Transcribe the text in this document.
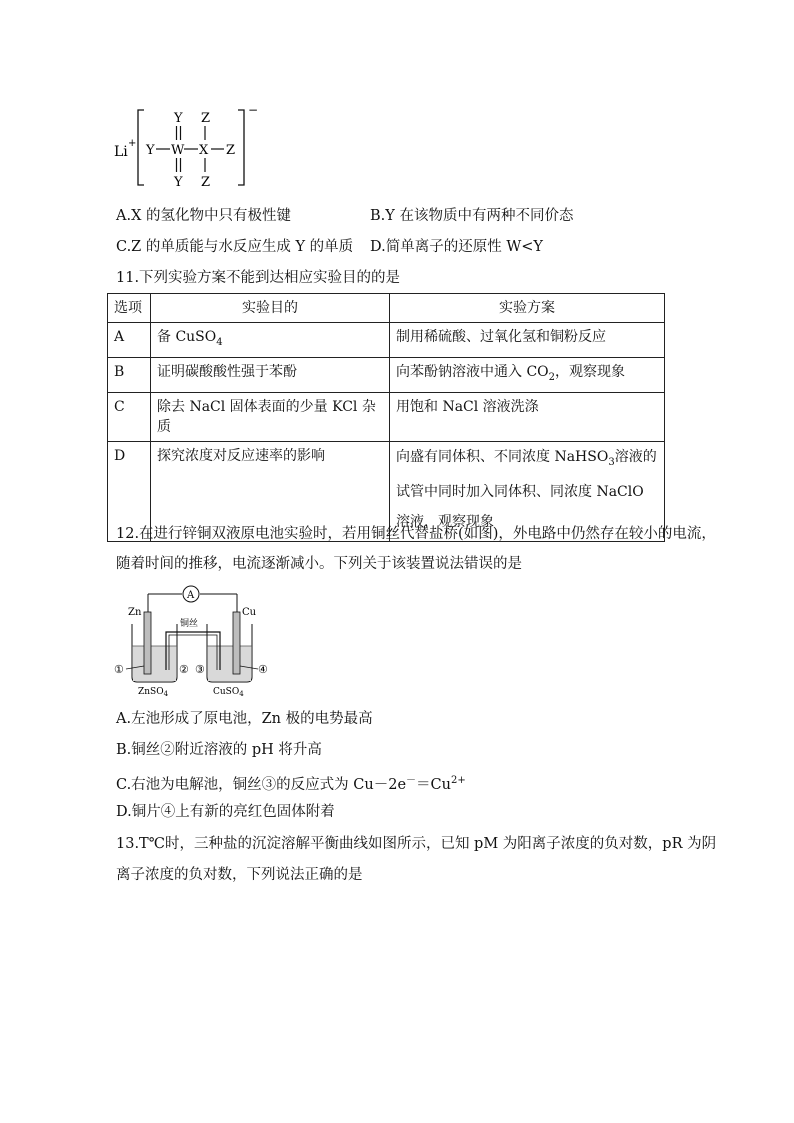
Li
+
−
Y Z
Y W X Z
Y Z
A.X 的氢化物中只有极性键	B.Y 在该物质中有两种不同价态
C.Z 的单质能与水反应生成 Y 的单质 D.简单离子的还原性 W<Y
11.下列实验方案不能到达相应实验目的的是
选项	实验目的	实验方案
A	备 CuSO$_4$	制用稀硫酸、过氧化氢和铜粉反应
B	证明碳酸酸性强于苯酚	向苯酚钠溶液中通入 $CO_2$，观察现象
C	除去 NaCl 固体表面的少量 KCl 杂质	用饱和 NaCl 溶液洗涤
D	探究浓度对反应速率的影响	向盛有同体积、不同浓度 NaHSO$_3$溶液的试管中同时加入同体积、同浓度 NaClO 溶液，观察现象
12.在进行锌铜双液原电池实验时，若用铜丝代替盐桥(如图)，外电路中仍然存在较小的电流，
随着时间的推移，电流逐渐减小。下列关于该装置说法错误的是
A
Zn	Cu
铜丝
①	② ③	④
ZnSO$_4$	CuSO$_4$
A.左池形成了原电池，Zn 极的电势最高
B.铜丝②附近溶液的 pH 将升高
C.右池为电解池，铜丝③的反应式为 $Cu-2e^-=Cu^{2+}$
D.铜片④上有新的亮红色固体附着
13.T℃时，三种盐的沉淀溶解平衡曲线如图所示，已知 pM 为阳离子浓度的负对数，pR 为阴
离子浓度的负对数，下列说法正确的是
